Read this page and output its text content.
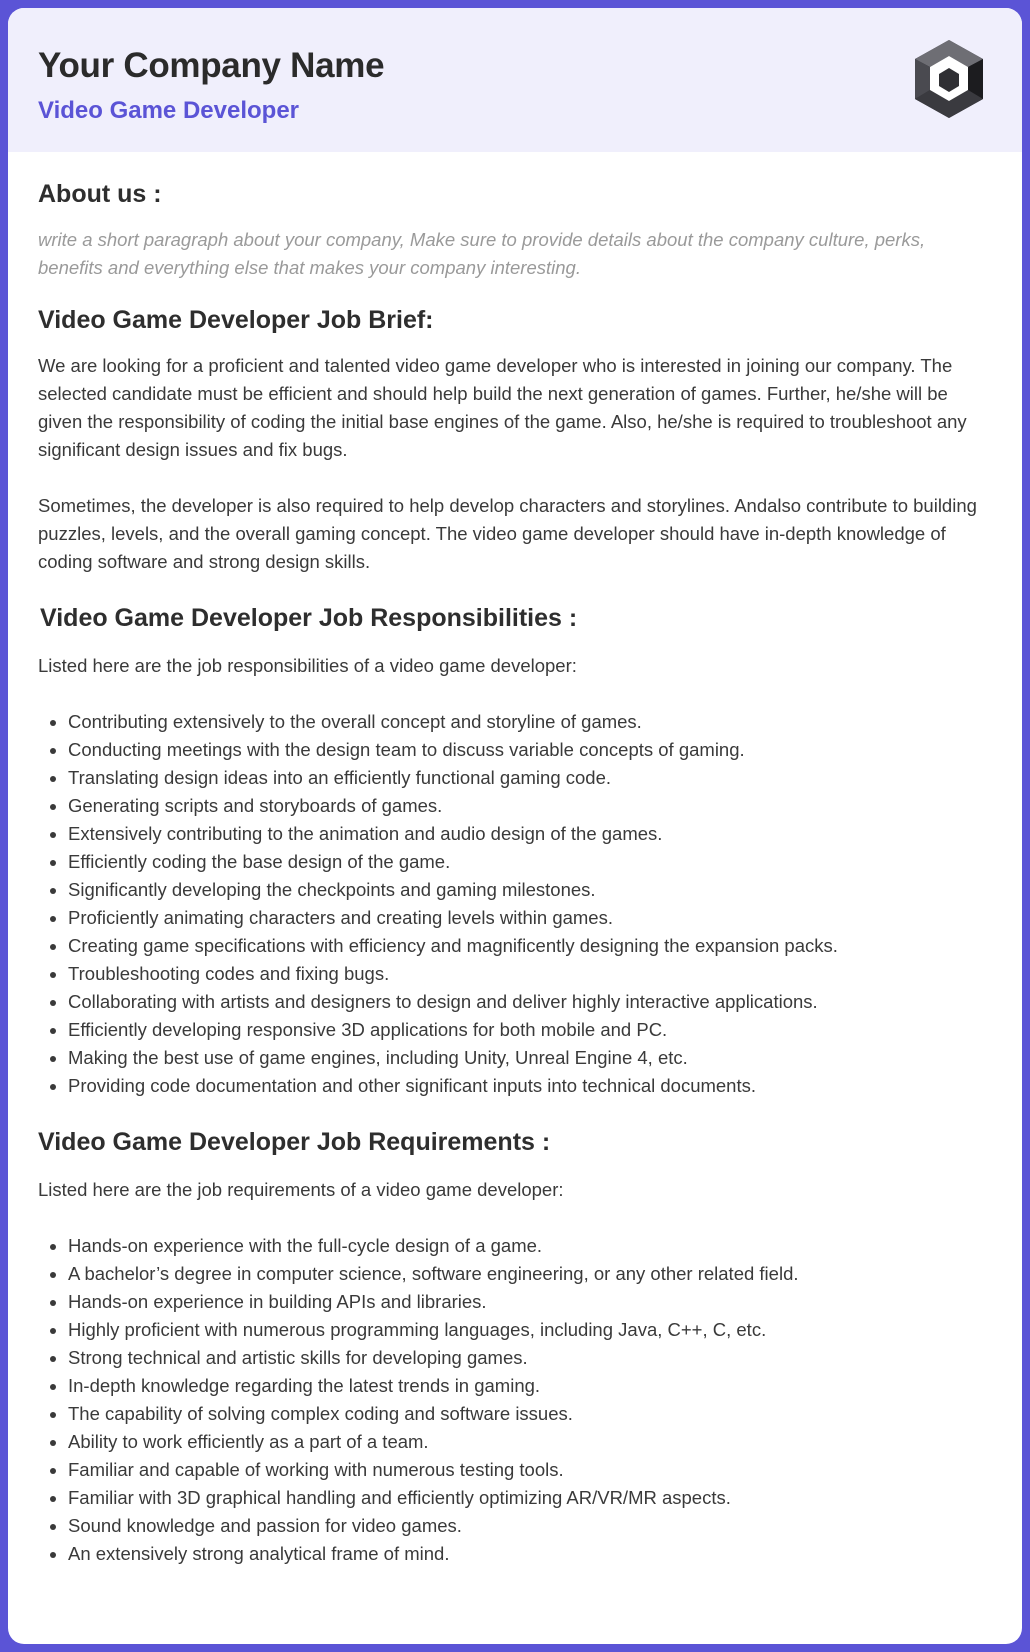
Your Company Name
Video Game Developer
About us :

write a short paragraph about your company, Make sure to provide details about the company culture, perks, benefits and everything else that makes your company interesting.

Video Game Developer Job Brief:

We are looking for a proficient and talented video game developer who is interested in joining our company. The selected candidate must be efficient and should help build the next generation of games. Further, he/she will be given the responsibility of coding the initial base engines of the game. Also, he/she is required to troubleshoot any significant design issues and fix bugs.

Sometimes, the developer is also required to help develop characters and storylines. Andalso contribute to building puzzles, levels, and the overall gaming concept. The video game developer should have in-depth knowledge of coding software and strong design skills.

Video Game Developer Job Responsibilities :

Listed here are the job responsibilities of a video game developer:

• Contributing extensively to the overall concept and storyline of games.
• Conducting meetings with the design team to discuss variable concepts of gaming.
• Translating design ideas into an efficiently functional gaming code.
• Generating scripts and storyboards of games.
• Extensively contributing to the animation and audio design of the games.
• Efficiently coding the base design of the game.
• Significantly developing the checkpoints and gaming milestones.
• Proficiently animating characters and creating levels within games.
• Creating game specifications with efficiency and magnificently designing the expansion packs.
• Troubleshooting codes and fixing bugs.
• Collaborating with artists and designers to design and deliver highly interactive applications.
• Efficiently developing responsive 3D applications for both mobile and PC.
• Making the best use of game engines, including Unity, Unreal Engine 4, etc.
• Providing code documentation and other significant inputs into technical documents.
Video Game Developer Job Requirements :

Listed here are the job requirements of a video game developer:

• Hands-on experience with the full-cycle design of a game.
• A bachelor’s degree in computer science, software engineering, or any other related field.
• Hands-on experience in building APIs and libraries.
• Highly proficient with numerous programming languages, including Java, C++, C, etc.
• Strong technical and artistic skills for developing games.
• In-depth knowledge regarding the latest trends in gaming.
• The capability of solving complex coding and software issues.
• Ability to work efficiently as a part of a team.
• Familiar and capable of working with numerous testing tools.
• Familiar with 3D graphical handling and efficiently optimizing AR/VR/MR aspects.
• Sound knowledge and passion for video games.
• An extensively strong analytical frame of mind.
